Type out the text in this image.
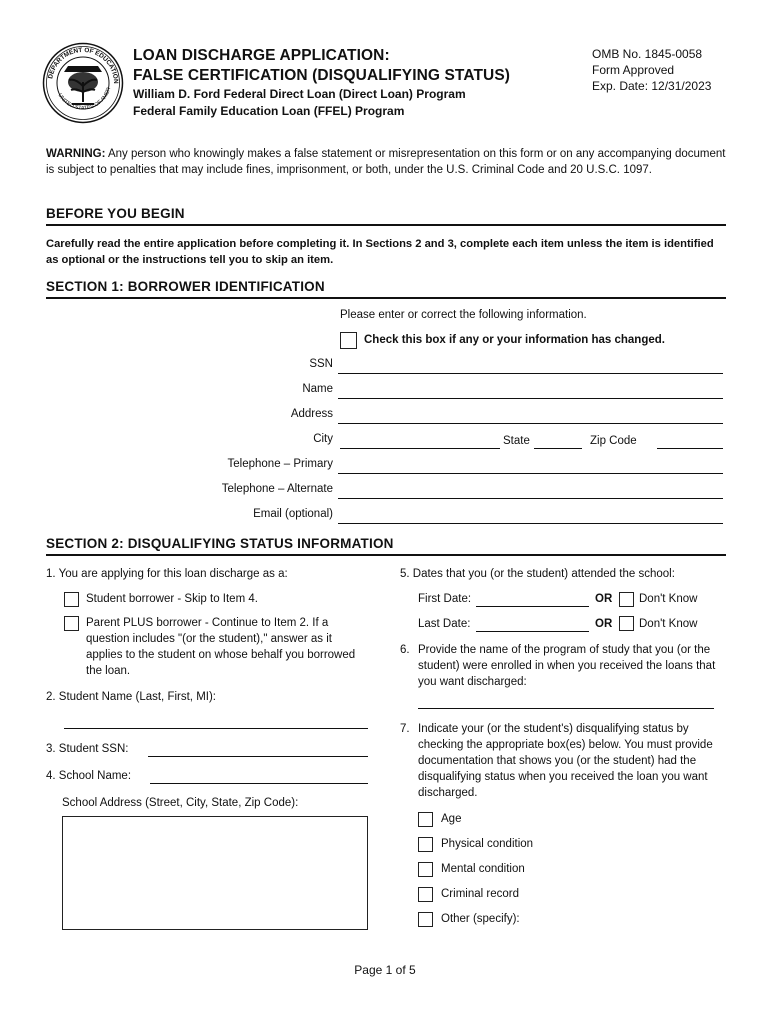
DEPARTMENT OF EDUCATION
UNITED STATES OF AMER
LOAN DISCHARGE APPLICATION:
FALSE CERTIFICATION (DISQUALIFYING STATUS)
William D. Ford Federal Direct Loan (Direct Loan) Program
Federal Family Education Loan (FFEL) Program
OMB No. 1845-0058
Form Approved
Exp. Date: 12/31/2023
WARNING: Any person who knowingly makes a false statement or misrepresentation on this form or on any accompanying document is subject to penalties that may include fines, imprisonment, or both, under the U.S. Criminal Code and 20 U.S.C. 1097.
BEFORE YOU BEGIN
Carefully read the entire application before completing it. In Sections 2 and 3, complete each item unless the item is identified as optional or the instructions tell you to skip an item.
SECTION 1: BORROWER IDENTIFICATION
Please enter or correct the following information.
Check this box if any or your information has changed.
SSN
Name
Address
City	State	Zip Code
Telephone – Primary
Telephone – Alternate
Email (optional)
SECTION 2: DISQUALIFYING STATUS INFORMATION
1. You are applying for this loan discharge as a:
Student borrower - Skip to Item 4.
Parent PLUS borrower - Continue to Item 2. If a question includes "(or the student)," answer as it applies to the student on whose behalf you borrowed the loan.
2. Student Name (Last, First, MI):
3. Student SSN:
4. School Name:
School Address (Street, City, State, Zip Code):
5. Dates that you (or the student) attended the school:
First Date:	OR Don't Know
Last Date:	OR Don't Know
6. Provide the name of the program of study that you (or the student) were enrolled in when you received the loans that you want discharged:
7. Indicate your (or the student's) disqualifying status by checking the appropriate box(es) below. You must provide documentation that shows you (or the student) had the disqualifying status when you received the loan you want discharged.
Age
Physical condition
Mental condition
Criminal record
Other (specify):
Page 1 of 5
